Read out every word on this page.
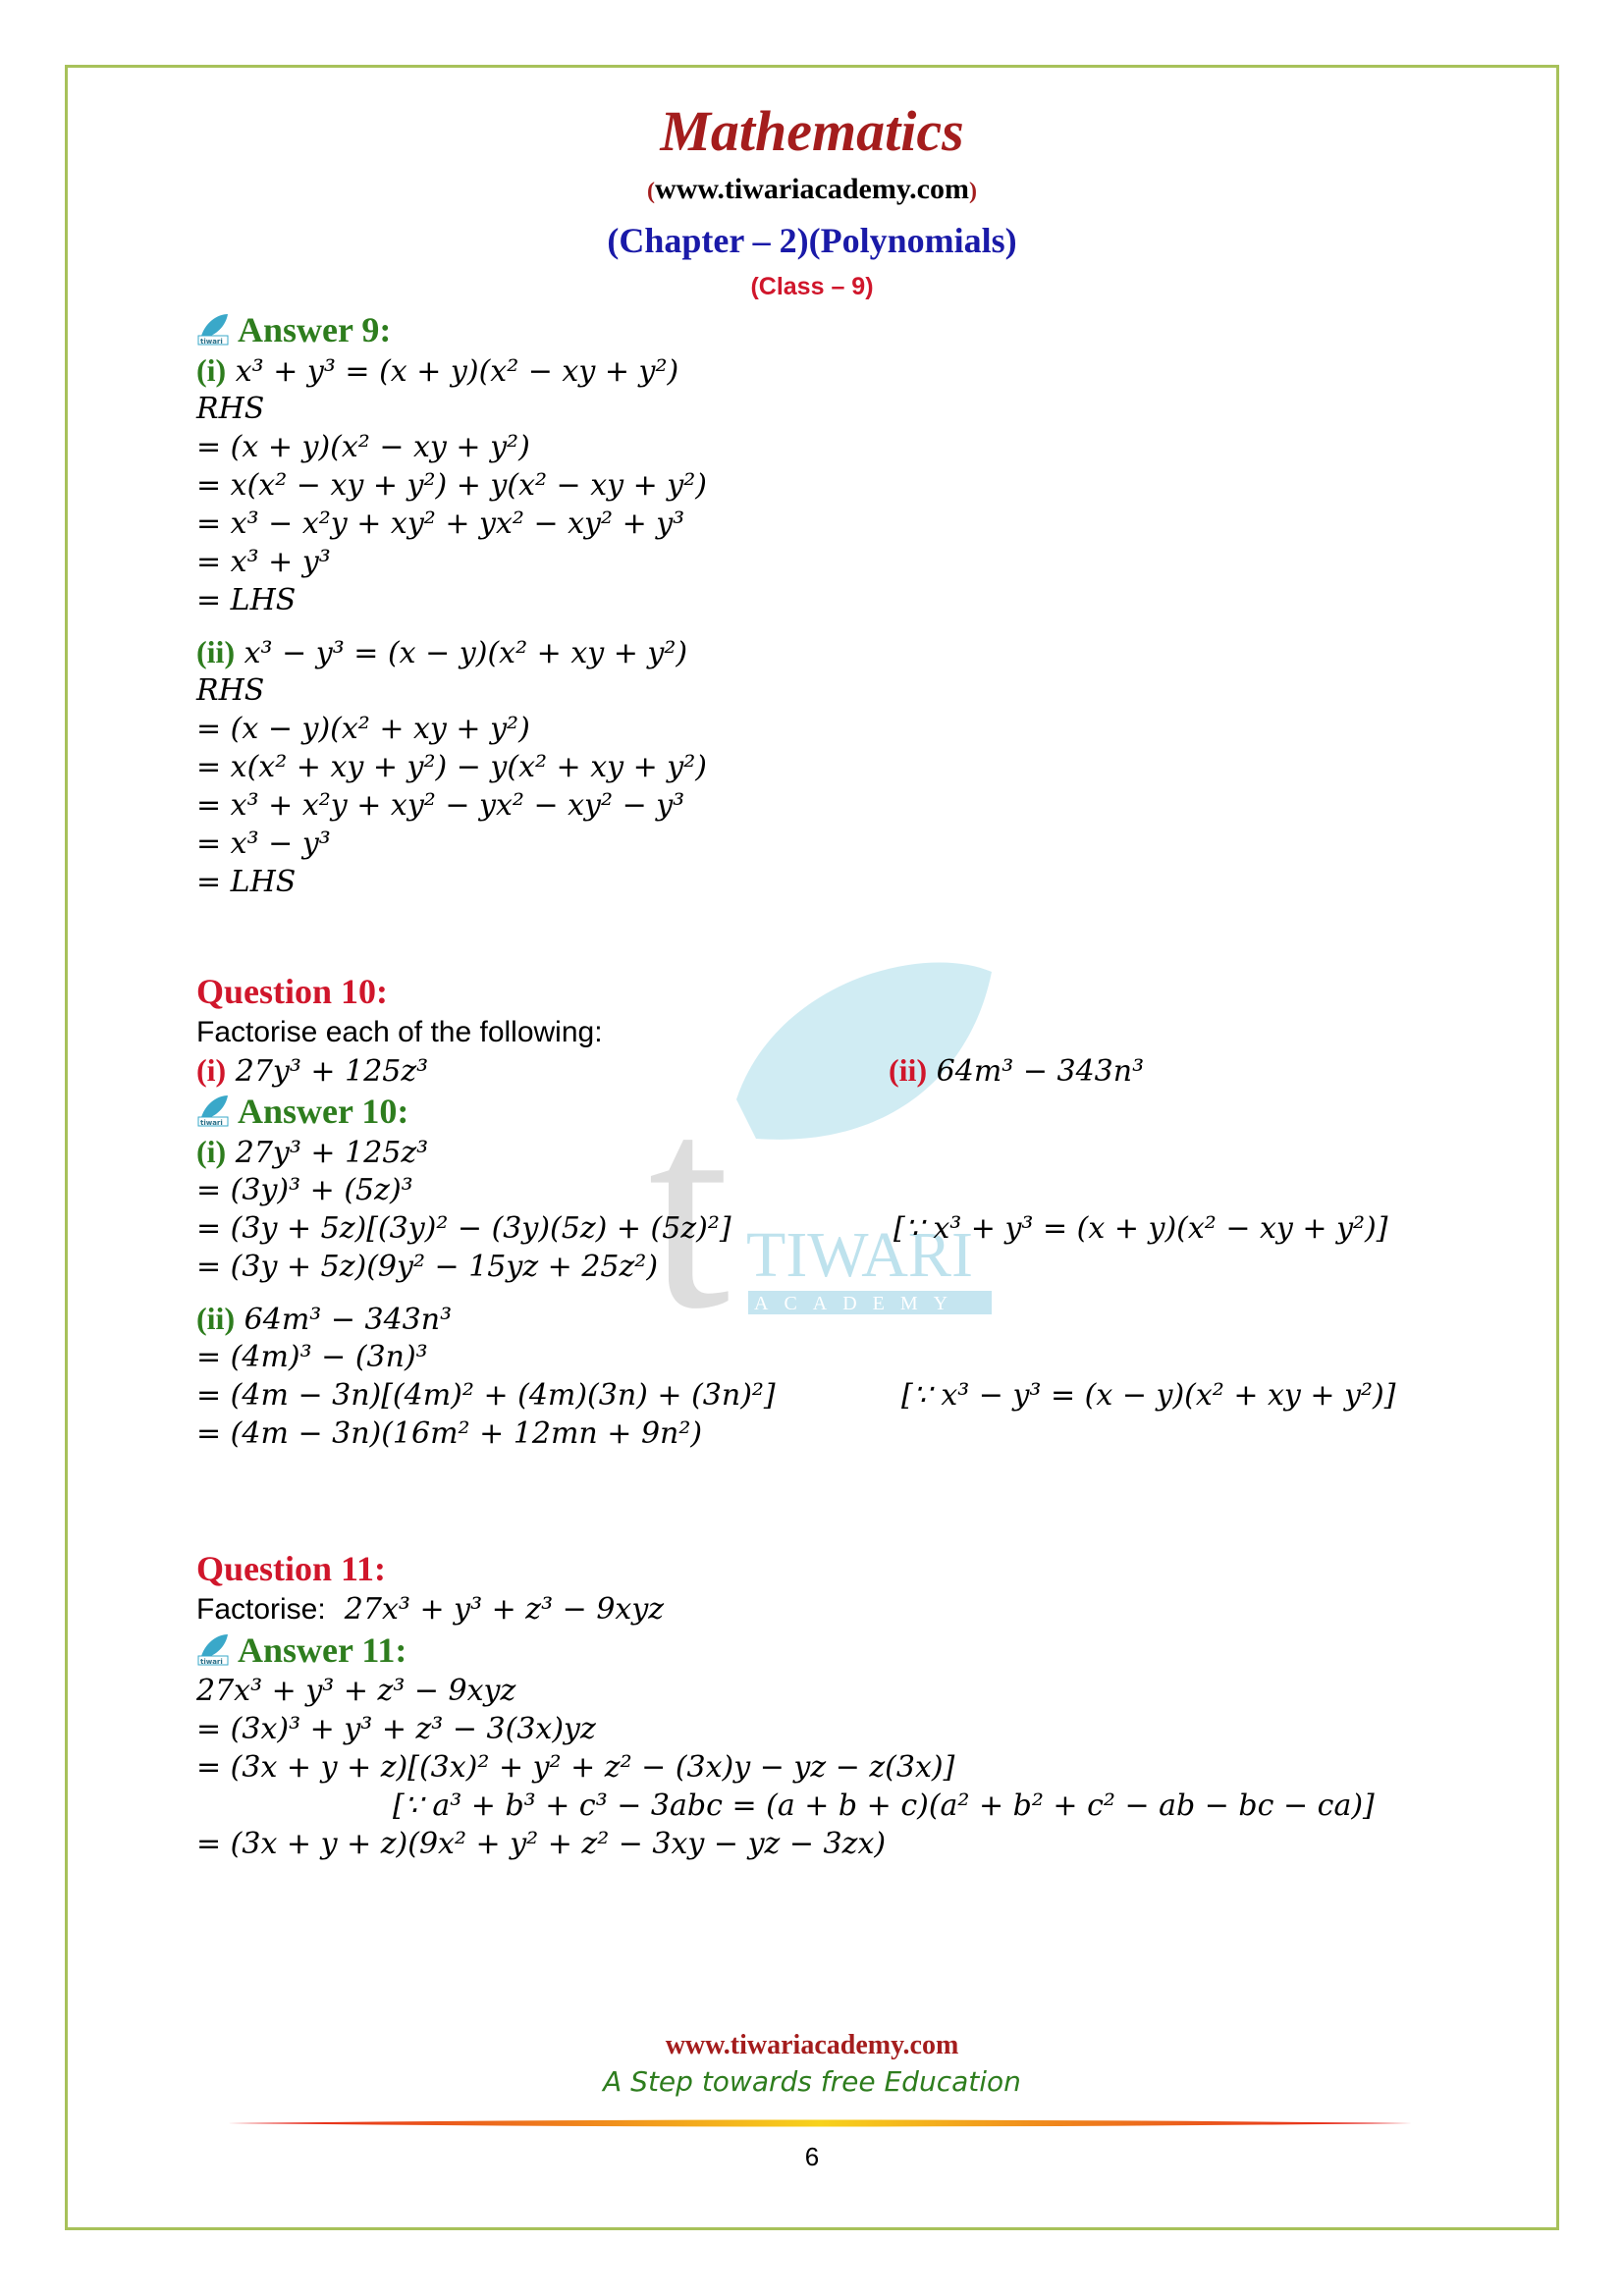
t TIWARI
ACADEMY
Mathematics
(www.tiwariacademy.com)
(Chapter – 2)(Polynomials)
(Class – 9)
tiwari Answer 9:
(i) x³ + y³ = (x + y)(x² − xy + y²)
RHS
= (x + y)(x² − xy + y²)
= x(x² − xy + y²) + y(x² − xy + y²)
= x³ − x²y + xy² + yx² − xy² + y³
= x³ + y³
= LHS
(ii) x³ − y³ = (x − y)(x² + xy + y²)
RHS
= (x − y)(x² + xy + y²)
= x(x² + xy + y²) − y(x² + xy + y²)
= x³ + x²y + xy² − yx² − xy² − y³
= x³ − y³
= LHS
Question 10:
Factorise each of the following:
(i) 27y³ + 125z³	(ii) 64m³ − 343n³
tiwari Answer 10:
(i) 27y³ + 125z³
= (3y)³ + (5z)³
= (3y + 5z)[(3y)² − (3y)(5z) + (5z)²]	[∵ x³ + y³ = (x + y)(x² − xy + y²)]
= (3y + 5z)(9y² − 15yz + 25z²)
(ii) 64m³ − 343n³
= (4m)³ − (3n)³
= (4m − 3n)[(4m)² + (4m)(3n) + (3n)²]	[∵ x³ − y³ = (x − y)(x² + xy + y²)]
= (4m − 3n)(16m² + 12mn + 9n²)
Question 11:
Factorise: 27x³ + y³ + z³ − 9xyz
tiwari Answer 11:
27x³ + y³ + z³ − 9xyz
= (3x)³ + y³ + z³ − 3(3x)yz
= (3x + y + z)[(3x)² + y² + z² − (3x)y − yz − z(3x)]
[∵ a³ + b³ + c³ − 3abc = (a + b + c)(a² + b² + c² − ab − bc − ca)]
= (3x + y + z)(9x² + y² + z² − 3xy − yz − 3zx)
www.tiwariacademy.com
A Step towards free Education
6
